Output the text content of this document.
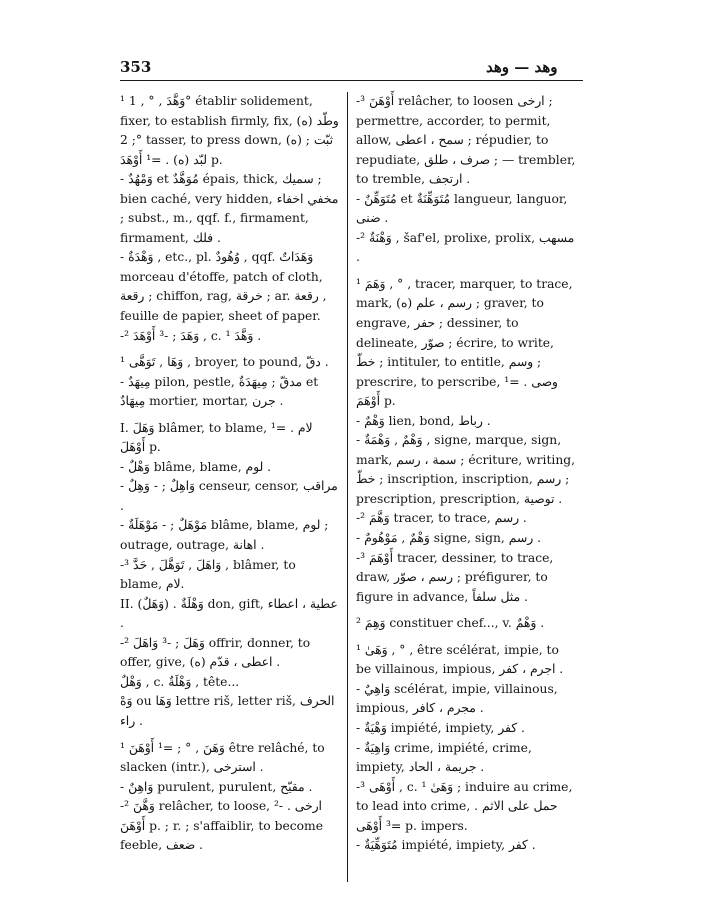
353	وهد — وهد

¹ وَهَّدَ , ° , 1° établir solidement, fixer, to establish firmly, fix, (ه) وطّد ; 2° tasser, to press down, (ه) ثبّت ; لبّد (ه) . =¹ أَوْهَدَ p.

- وَمْهُدٌ et مُوَهَّدٌ épais, thick, سميك ; bien caché, very hidden, مخفي اخفاء ; subst., m., qqf. f., firmament, firmament, فلك .

- وَهْدَةٌ , etc., pl. وُهُودٌ , qqf. وَهَدَاتٌ morceau d'étoffe, patch of cloth, رقعة ; chiffon, rag, خرقة ; ar. رقعة , feuille de papier, sheet of paper.

-² وَهَدَ ; -³ أَوْهَدَ , c. ¹ وَهَّدَ .

¹ وَهَا , تَوَهَّى , broyer, to pound, دقّ .

- مِيهَدٌ pilon, pestle, مدقّ ; مِيهَدَةٌ et مِيهَادٌ mortier, mortar, جرن .

I. وَهَلَ blâmer, to blame, لام . =¹ أَوْهَلَ p.

- وَهْلٌ blâme, blame, لوم .

- وَاهِلٌ ; - وَهِلٌ censeur, censor, مراقب .

- مَوْهَلٌ ; - مَوْهَلَةٌ blâme, blame, لوم ; outrage, outrage, اهانة .

-³ وَاهَلَ , تَوَهَّلَ , حَدَّ , blâmer, to blame, لام.

II. (وَهَلٌ) . وَهْلَةٌ don, gift, عطية ، اعطاء .

-² وَهَلَ ; -³ وَاهَلَ offrir, donner, to offer, give, اعطى ، قدّم (ه) .

وَهْلٌ , c. وَهْلَةٌ , tête...

وَهْ ou وَهَا lettre riš, letter riš, الحرف راء .

¹ وَهَنَ , ° ; =¹ أَوْهَنَ être relâché, to slacken (intr.), استرخى .

- وَاهِنٌ purulent, purulent, مقيّح .

-² وَهَّنَ relâcher, to loose, ارخى . -² أَوْهَنَ p. ; r. ; s'affaiblir, to become feeble, ضعف .

-³ أَوْهَنَ relâcher, to loosen ارخى ; permettre, accorder, to permit, allow, سمح ، اعطى ; répudier, to repudiate, صرف ، طلق ; — trembler, to tremble, ارتجف .

- مُتَوَهِّنٌ et مُتَوَهِّنَةٌ langueur, languor, ضنى .

-² وَهْنَةٌ , šaf'el, prolixe, prolix, مسهب .

¹ وَهَمَ , ° , tracer, marquer, to trace, mark, (ه) رسم ، علم ; graver, to engrave, حفر ; dessiner, to delineate, صوّر ; écrire, to write, خطّ ; intituler, to entitle, وسم ; prescrire, to perscribe, وصى . =¹ أَوْهَمَ p.

- وَهْمٌ lien, bond, رباط .

- وَهْمٌ , وَهْمَةٌ , signe, marque, sign, mark, سمة ، رسم ; écriture, writing, خطّ ; inscription, inscription, رسم ; prescription, prescription, توصية .

-² وَهَّمَ tracer, to trace, رسم .

- وَهْمٌ , مَوْهُومٌ signe, sign, رسم .

-³ أَوْهَمَ tracer, dessiner, to trace, draw, رسم ، صوّر ; préfigurer, to figure in advance, مثل سلفاً .

² وَهِمَ constituer chef..., v. وَهْمٌ .

¹ وَهَىٰ , ° , être scélérat, impie, to be villainous, impious, اجرم ، كفر .

- وَاهِيٌ scélérat, impie, villainous, impious, مجرم ، كافر .

- وَهْيَةٌ impiété, impiety, كفر .

- وَاهِيَةٌ crime, impiété, crime, impiety, جريمة ، الحاد .

-³ أَوْهَى , c. ¹ وَهَىٰ ; induire au crime, to lead into crime, حمل على الاثم . =³ أَوْهَى p. impers.

- مُتَوَهِّيَةٌ impiété, impiety, كفر .
